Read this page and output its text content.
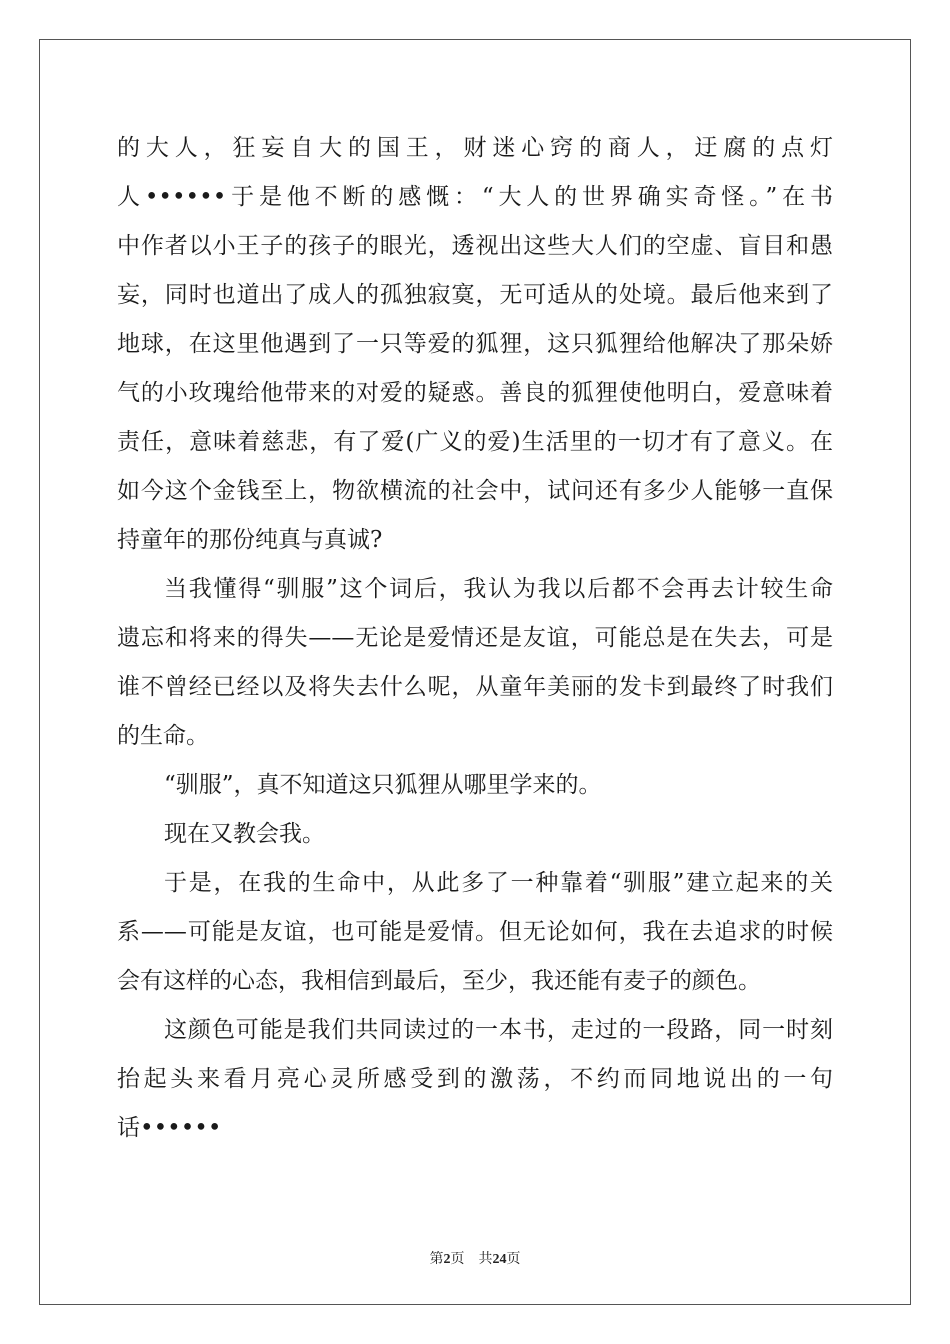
的大人，狂妄自大的国王，财迷心窍的商人，迂腐的点灯
人••••••于是他不断的感慨：“大人的世界确实奇怪。”在书
中作者以小王子的孩子的眼光，透视出这些大人们的空虚、盲目和愚
妄，同时也道出了成人的孤独寂寞，无可适从的处境。最后他来到了
地球，在这里他遇到了一只等爱的狐狸，这只狐狸给他解决了那朵娇
气的小玫瑰给他带来的对爱的疑惑。善良的狐狸使他明白，爱意味着
责任，意味着慈悲，有了爱(广义的爱)生活里的一切才有了意义。在
如今这个金钱至上，物欲横流的社会中，试问还有多少人能够一直保
持童年的那份纯真与真诚?
当我懂得“驯服”这个词后，我认为我以后都不会再去计较生命
遗忘和将来的得失——无论是爱情还是友谊，可能总是在失去，可是
谁不曾经已经以及将失去什么呢，从童年美丽的发卡到最终了时我们
的生命。
“驯服”，真不知道这只狐狸从哪里学来的。
现在又教会我。
于是，在我的生命中，从此多了一种靠着“驯服”建立起来的关
系——可能是友谊，也可能是爱情。但无论如何，我在去追求的时候
会有这样的心态，我相信到最后，至少，我还能有麦子的颜色。
这颜色可能是我们共同读过的一本书，走过的一段路，同一时刻
抬起头来看月亮心灵所感受到的激荡，不约而同地说出的一句
话••••••
第2页 共24页
